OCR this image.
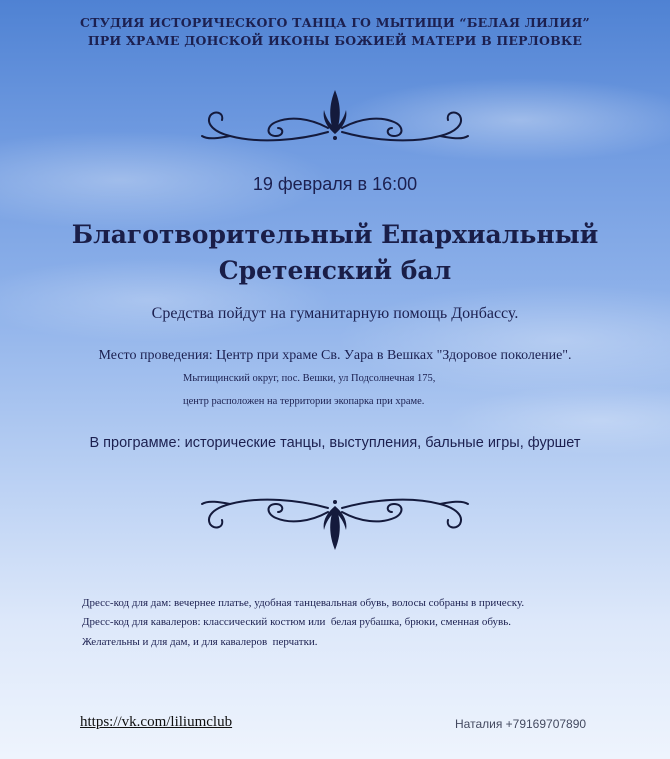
СТУДИЯ ИСТОРИЧЕСКОГО ТАНЦА ГО МЫТИЩИ “БЕЛАЯ ЛИЛИЯ”
ПРИ ХРАМЕ ДОНСКОЙ ИКОНЫ БОЖИЕЙ МАТЕРИ В ПЕРЛОВКЕ
19 февраля в 16:00
Благотворительный Епархиальный
Сретенский бал
Средства пойдут на гуманитарную помощь Донбассу.
Место проведения: Центр при храме Св. Уара в Вешках "Здоровое поколение".
Мытищинский округ, пос. Вешки, ул Подсолнечная 175,
центр расположен на территории экопарка при храме.
В программе: исторические танцы, выступления, бальные игры, фуршет
Дресс-код для дам: вечернее платье, удобная танцевальная обувь, волосы собраны в прическу.
Дресс-код для кавалеров: классический костюм или  белая рубашка, брюки, сменная обувь.
Желательны и для дам, и для кавалеров  перчатки.
https://vk.com/liliumclub	Наталия +79169707890
